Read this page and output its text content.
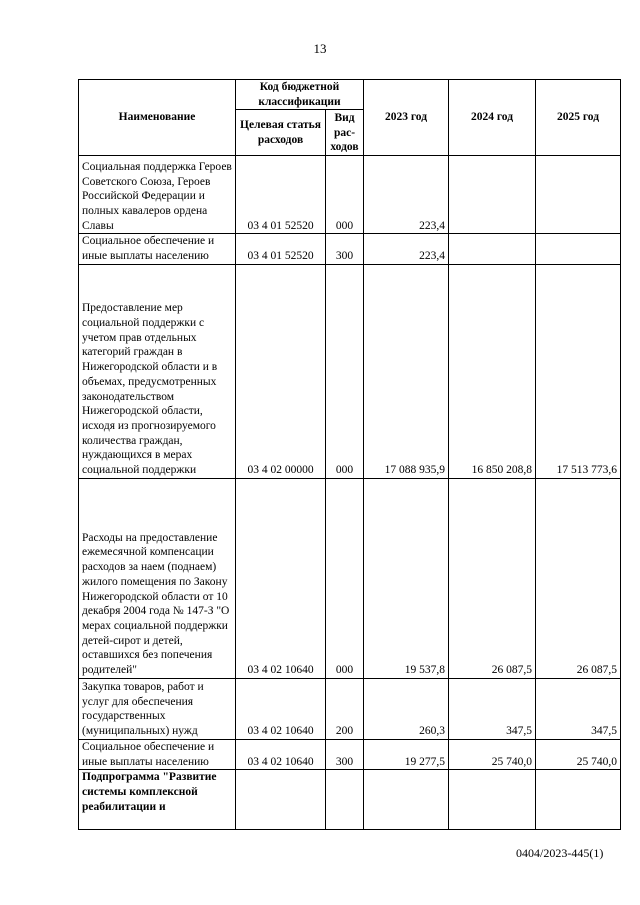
13
Наименование	Код бюджетной классификации		2023 год	2024 год	2025 год
	Целевая статья расходов	Вид рас-ходов			
Социальная поддержка Героев Советского Союза, Героев Российской Федерации и полных кавалеров ордена Славы	03 4 01 52520	000	223,4		
Социальное обеспечение и иные выплаты населению	03 4 01 52520	300	223,4		
Предоставление мер социальной поддержки с учетом прав отдельных категорий граждан в Нижегородской области и в объемах, предусмотренных законодательством Нижегородской области, исходя из прогнозируемого количества граждан, нуждающихся в мерах социальной поддержки	03 4 02 00000	000	17 088 935,9	16 850 208,8	17 513 773,6
Расходы на предоставление ежемесячной компенсации расходов за наем (поднаем) жилого помещения по Закону Нижегородской области от 10 декабря 2004 года № 147-З "О мерах социальной поддержки детей-сирот и детей, оставшихся без попечения родителей"	03 4 02 10640	000	19 537,8	26 087,5	26 087,5
Закупка товаров, работ и услуг для обеспечения государственных (муниципальных) нужд	03 4 02 10640	200	260,3	347,5	347,5
Социальное обеспечение и иные выплаты населению	03 4 02 10640	300	19 277,5	25 740,0	25 740,0
Подпрограмма "Развитие системы комплексной реабилитации и					
0404/2023-445(1)
